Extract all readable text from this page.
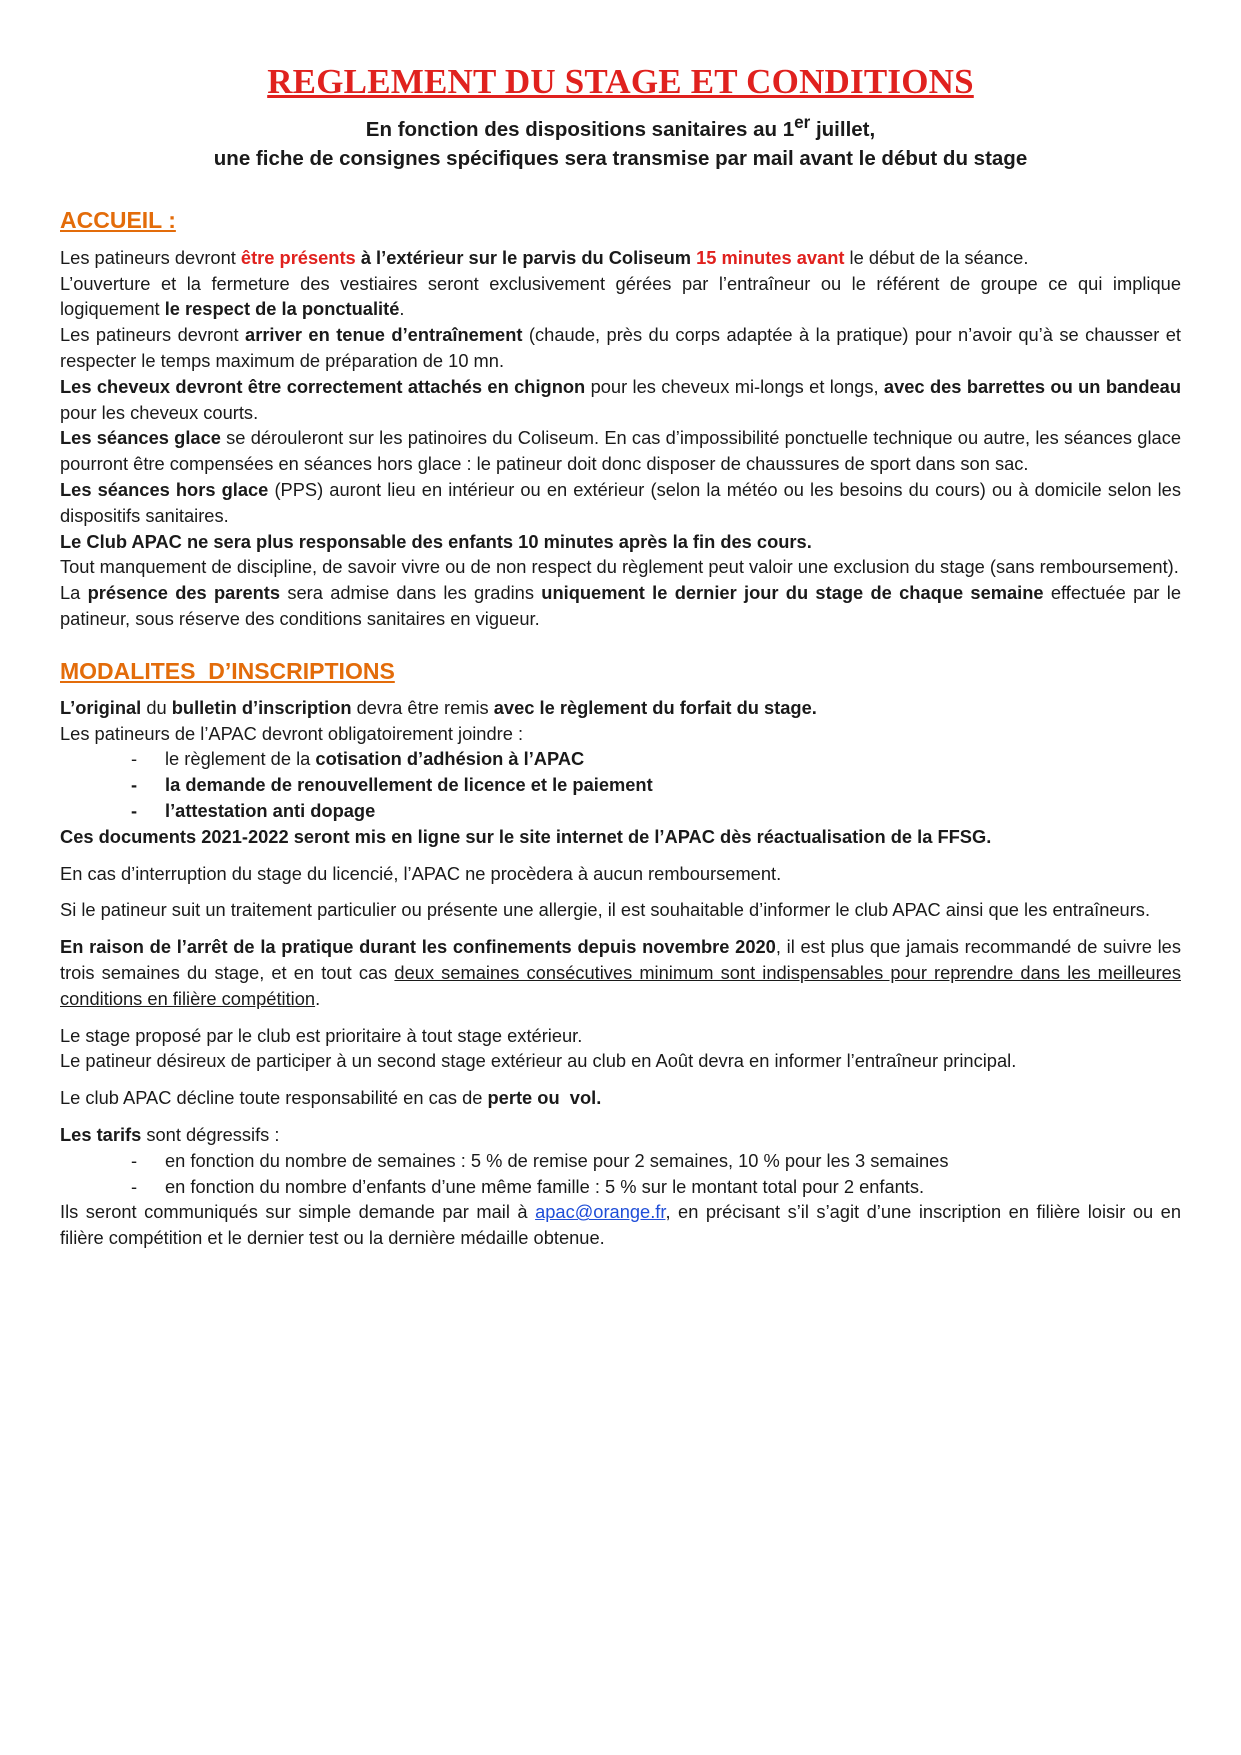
REGLEMENT DU STAGE ET CONDITIONS

En fonction des dispositions sanitaires au 1er juillet,

une fiche de consignes spécifiques sera transmise par mail avant le début du stage

ACCUEIL :

Les patineurs devront être présents à l’extérieur sur le parvis du Coliseum 15 minutes avant le début de la séance.

L’ouverture et la fermeture des vestiaires seront exclusivement gérées par l’entraîneur ou le référent de groupe ce qui implique logiquement le respect de la ponctualité.

Les patineurs devront arriver en tenue d’entraînement (chaude, près du corps adaptée à la pratique) pour n’avoir qu’à se chausser et respecter le temps maximum de préparation de 10 mn.

Les cheveux devront être correctement attachés en chignon pour les cheveux mi-longs et longs, avec des barrettes ou un bandeau pour les cheveux courts.

Les séances glace se dérouleront sur les patinoires du Coliseum. En cas d’impossibilité ponctuelle technique ou autre, les séances glace pourront être compensées en séances hors glace : le patineur doit donc disposer de chaussures de sport dans son sac.

Les séances hors glace (PPS) auront lieu en intérieur ou en extérieur (selon la météo ou les besoins du cours) ou à domicile selon les dispositifs sanitaires.

Le Club APAC ne sera plus responsable des enfants 10 minutes après la fin des cours.

Tout manquement de discipline, de savoir vivre ou de non respect du règlement peut valoir une exclusion du stage (sans remboursement).

La présence des parents sera admise dans les gradins uniquement le dernier jour du stage de chaque semaine effectuée par le patineur, sous réserve des conditions sanitaires en vigueur.

MODALITES  D’INSCRIPTIONS

L’original du bulletin d’inscription devra être remis avec le règlement du forfait du stage.

Les patineurs de l’APAC devront obligatoirement joindre :

- le règlement de la cotisation d’adhésion à l’APAC
- la demande de renouvellement de licence et le paiement
- l’attestation anti dopage

Ces documents 2021-2022 seront mis en ligne sur le site internet de l’APAC dès réactualisation de la FFSG.

En cas d’interruption du stage du licencié, l’APAC ne procèdera à aucun remboursement.

Si le patineur suit un traitement particulier ou présente une allergie, il est souhaitable d’informer le club APAC ainsi que les entraîneurs.

En raison de l’arrêt de la pratique durant les confinements depuis novembre 2020, il est plus que jamais recommandé de suivre les trois semaines du stage, et en tout cas deux semaines consécutives minimum sont indispensables pour reprendre dans les meilleures conditions en filière compétition.

Le stage proposé par le club est prioritaire à tout stage extérieur.

Le patineur désireux de participer à un second stage extérieur au club en Août devra en informer l’entraîneur principal.

Le club APAC décline toute responsabilité en cas de perte ou  vol.

Les tarifs sont dégressifs :

- en fonction du nombre de semaines : 5 % de remise pour 2 semaines, 10 % pour les 3 semaines
- en fonction du nombre d’enfants d’une même famille : 5 % sur le montant total pour 2 enfants.

Ils seront communiqués sur simple demande par mail à apac@orange.fr, en précisant s’il s’agit d’une inscription en filière loisir ou en filière compétition et le dernier test ou la dernière médaille obtenue.
